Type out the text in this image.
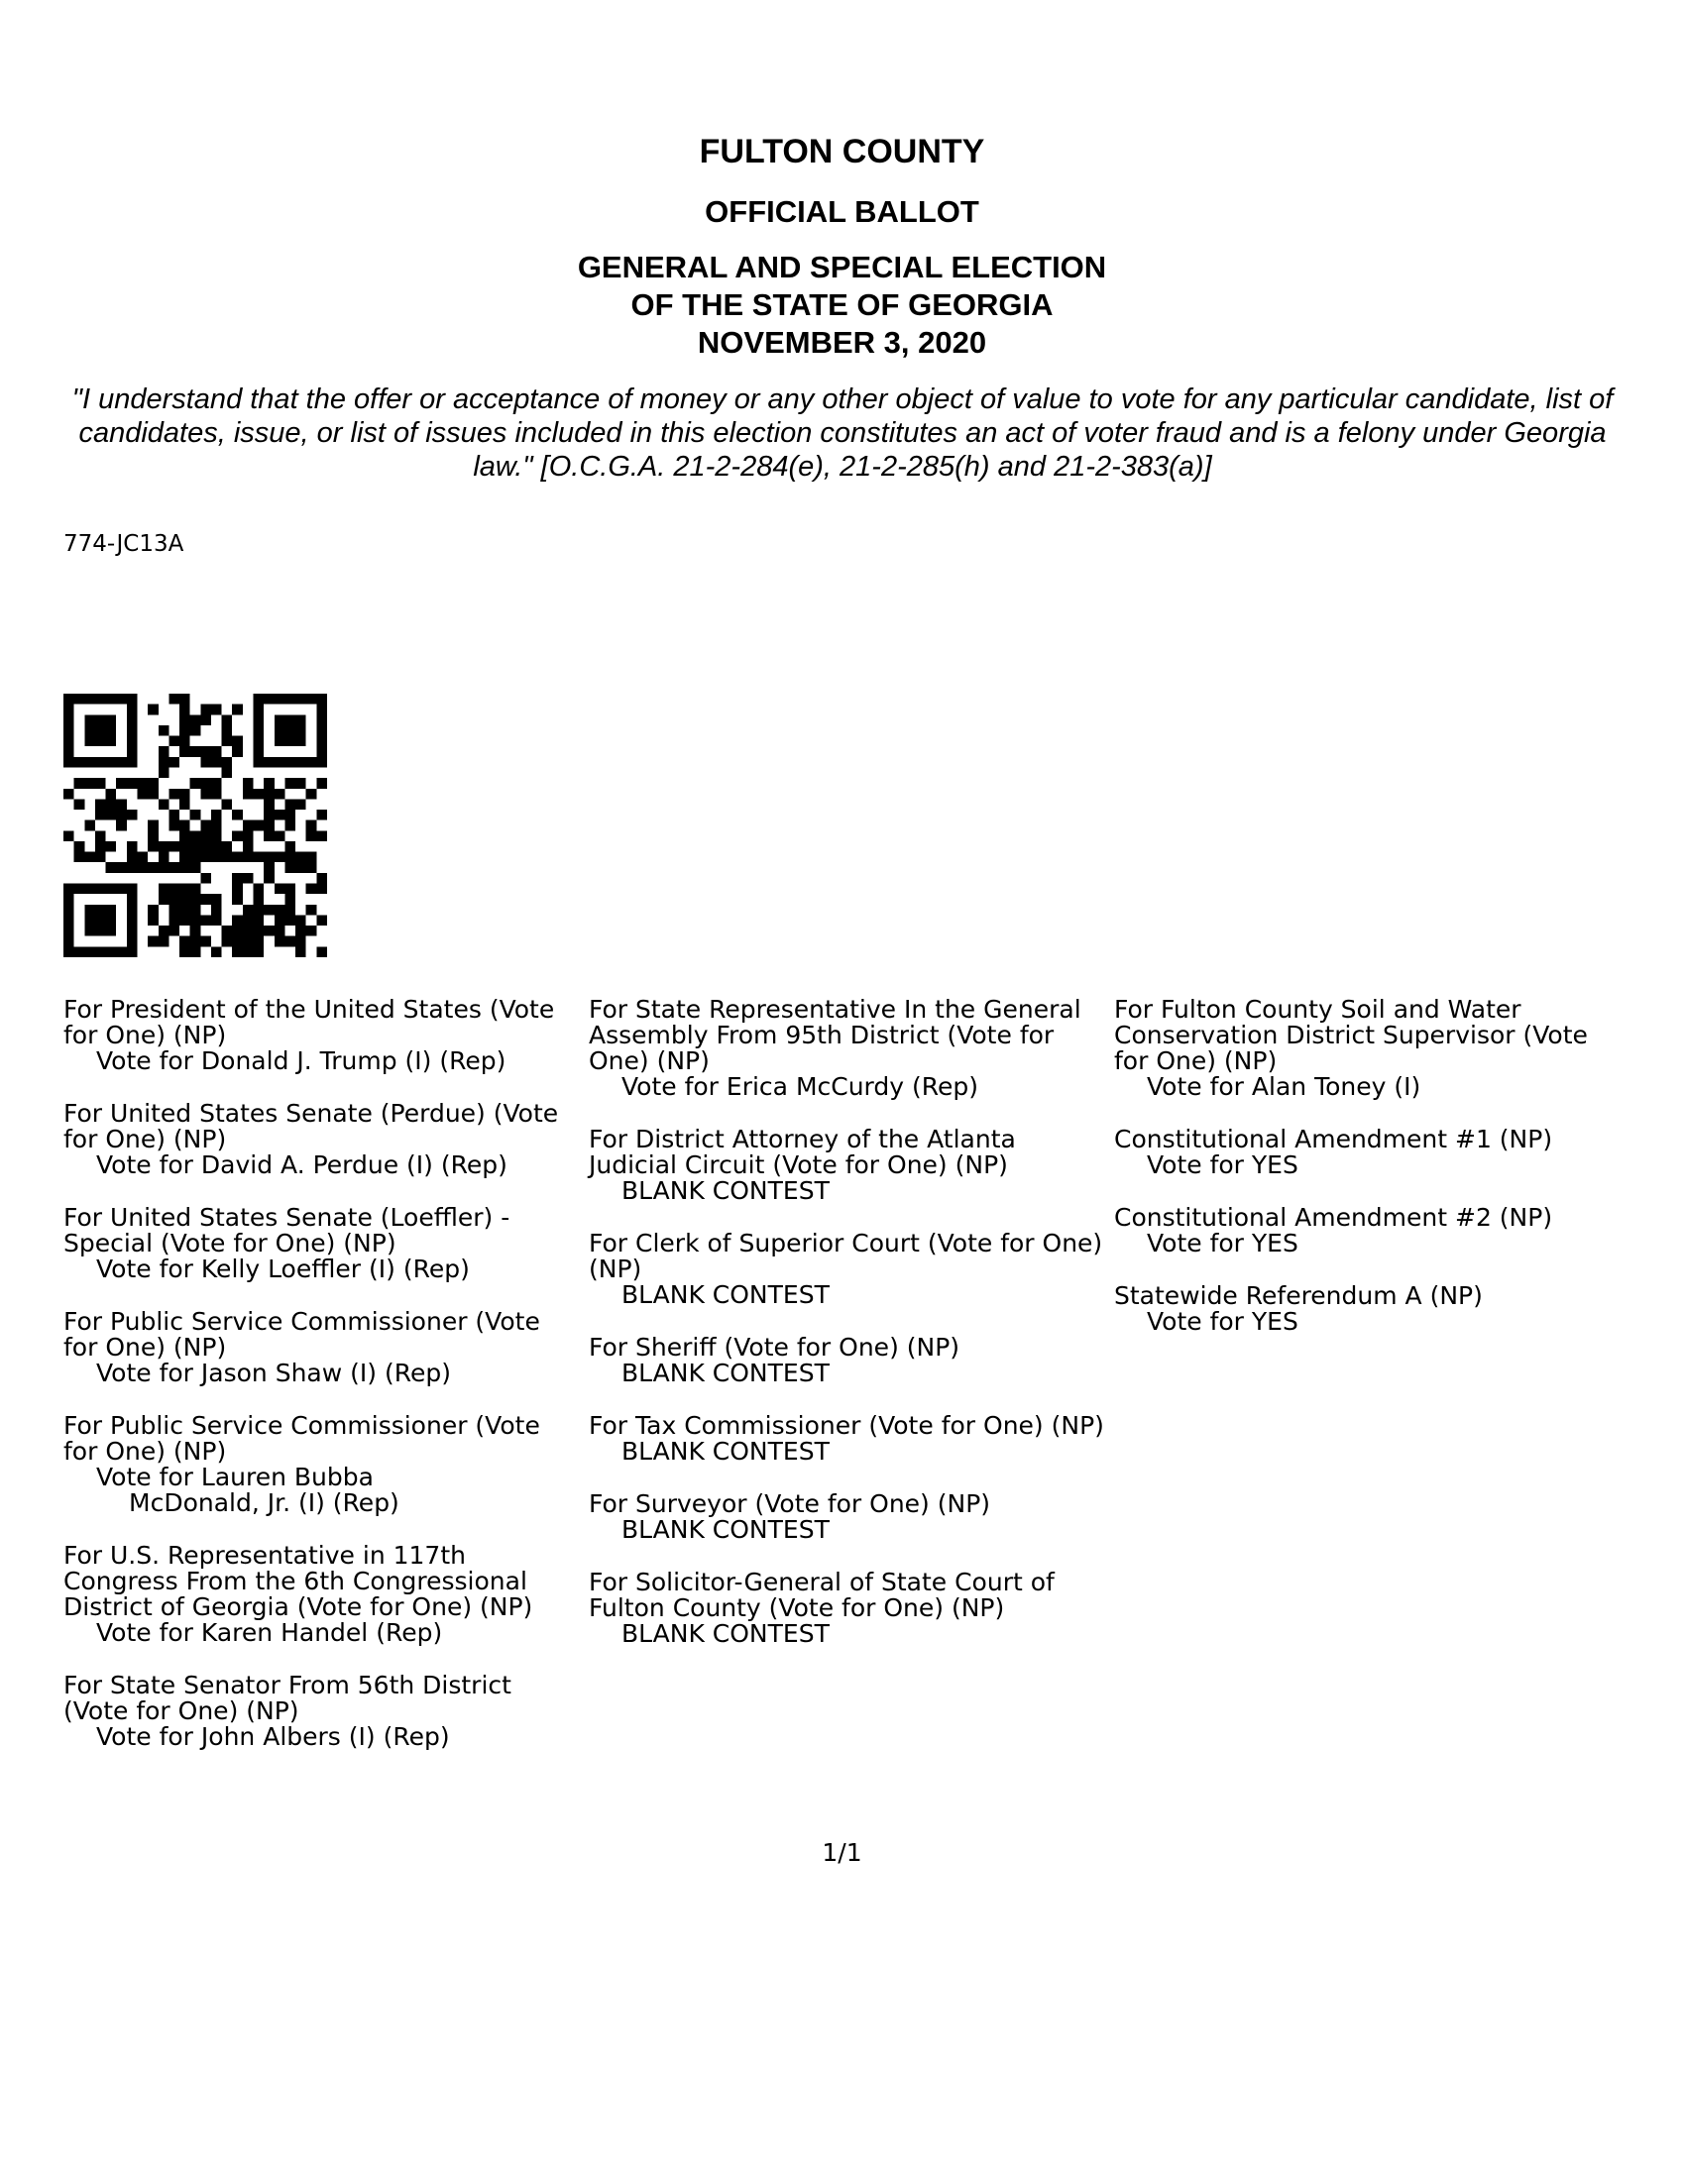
FULTON COUNTY
OFFICIAL BALLOT
GENERAL AND SPECIAL ELECTION
OF THE STATE OF GEORGIA
NOVEMBER 3, 2020
"I understand that the offer or acceptance of money or any other object of value to vote for any particular candidate, list of candidates, issue, or list of issues included in this election constitutes an act of voter fraud and is a felony under Georgia law." [O.C.G.A. 21-2-284(e), 21-2-285(h) and 21-2-383(a)]
774-JC13A
For President of the United States (Vote for One) (NP)
Vote for Donald J. Trump (I) (Rep)
For United States Senate (Perdue) (Vote for One) (NP)
Vote for David A. Perdue (I) (Rep)
For United States Senate (Loeffler) - Special (Vote for One) (NP)
Vote for Kelly Loeffler (I) (Rep)
For Public Service Commissioner (Vote for One) (NP)
Vote for Jason Shaw (I) (Rep)
For Public Service Commissioner (Vote for One) (NP)
Vote for Lauren Bubba
McDonald, Jr. (I) (Rep)
For U.S. Representative in 117th Congress From the 6th Congressional District of Georgia (Vote for One) (NP)
Vote for Karen Handel (Rep)
For State Senator From 56th District (Vote for One) (NP)
Vote for John Albers (I) (Rep)
For State Representative In the General Assembly From 95th District (Vote for One) (NP)
Vote for Erica McCurdy (Rep)
For District Attorney of the Atlanta Judicial Circuit (Vote for One) (NP)
BLANK CONTEST
For Clerk of Superior Court (Vote for One) (NP)
BLANK CONTEST
For Sheriff (Vote for One) (NP)
BLANK CONTEST
For Tax Commissioner (Vote for One) (NP)
BLANK CONTEST
For Surveyor (Vote for One) (NP)
BLANK CONTEST
For Solicitor-General of State Court of Fulton County (Vote for One) (NP)
BLANK CONTEST
For Fulton County Soil and Water Conservation District Supervisor (Vote for One) (NP)
Vote for Alan Toney (I)
Constitutional Amendment #1 (NP)
Vote for YES
Constitutional Amendment #2 (NP)
Vote for YES
Statewide Referendum A (NP)
Vote for YES
1/1
